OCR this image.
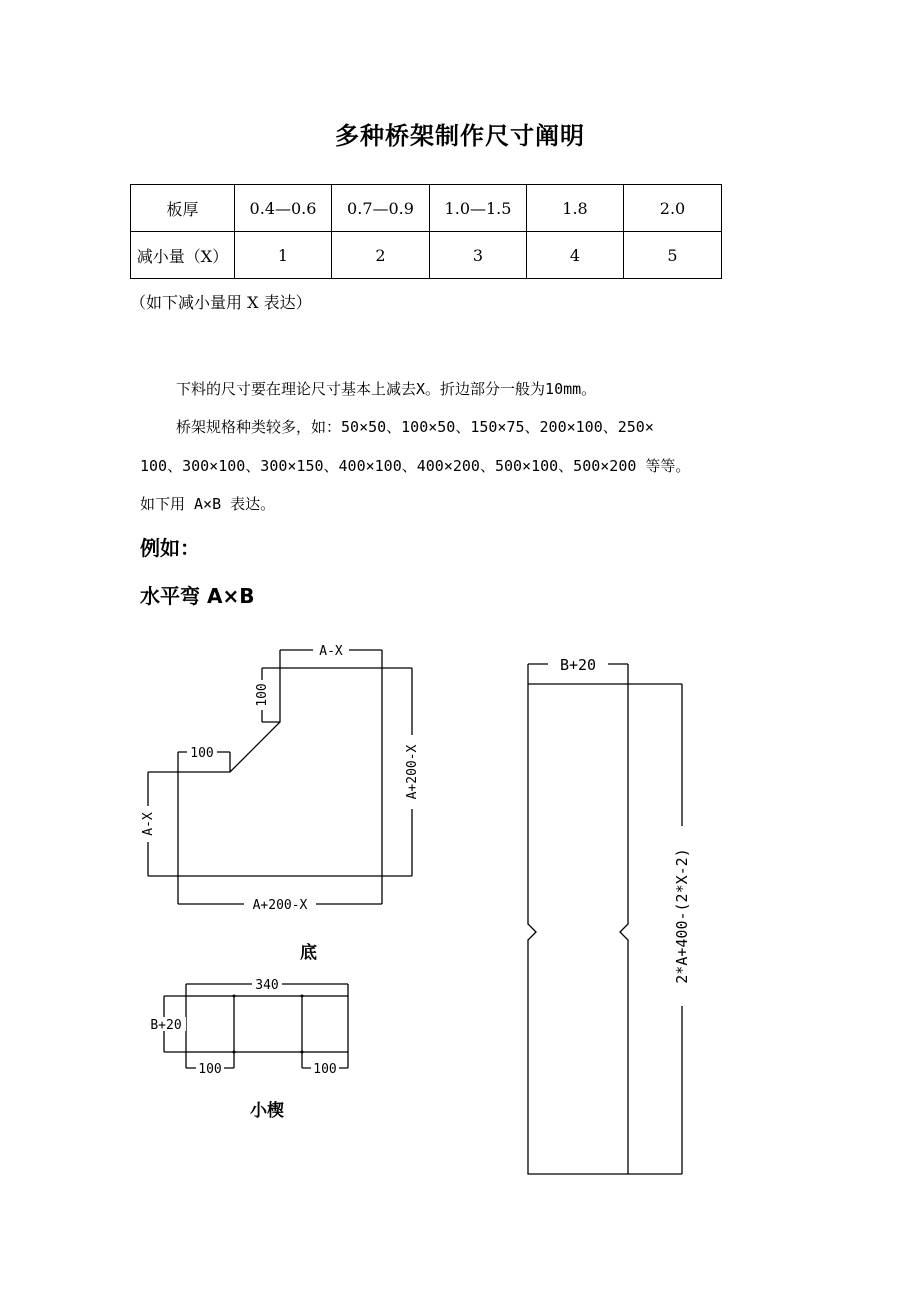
多种桥架制作尺寸阐明
板厚	0.4—0.6	0.7—0.9	1.0—1.5	1.8	2.0
减小量（X）	1	2	3	4	5
（如下减小量用 X 表达）
下料的尺寸要在理论尺寸基本上减去X。折边部分一般为10mm。
桥架规格种类较多，如：50×50、100×50、150×75、200×100、250×
100、300×100、300×150、400×100、400×200、500×100、500×200 等等。
如下用 A×B 表达。
例如：
水平弯 A×B
A-X
100
A+200-X
100
A-X
A+200-X
340
B+20
100	100
B+20
2*A+400-(2*X-2)
底
小楔
